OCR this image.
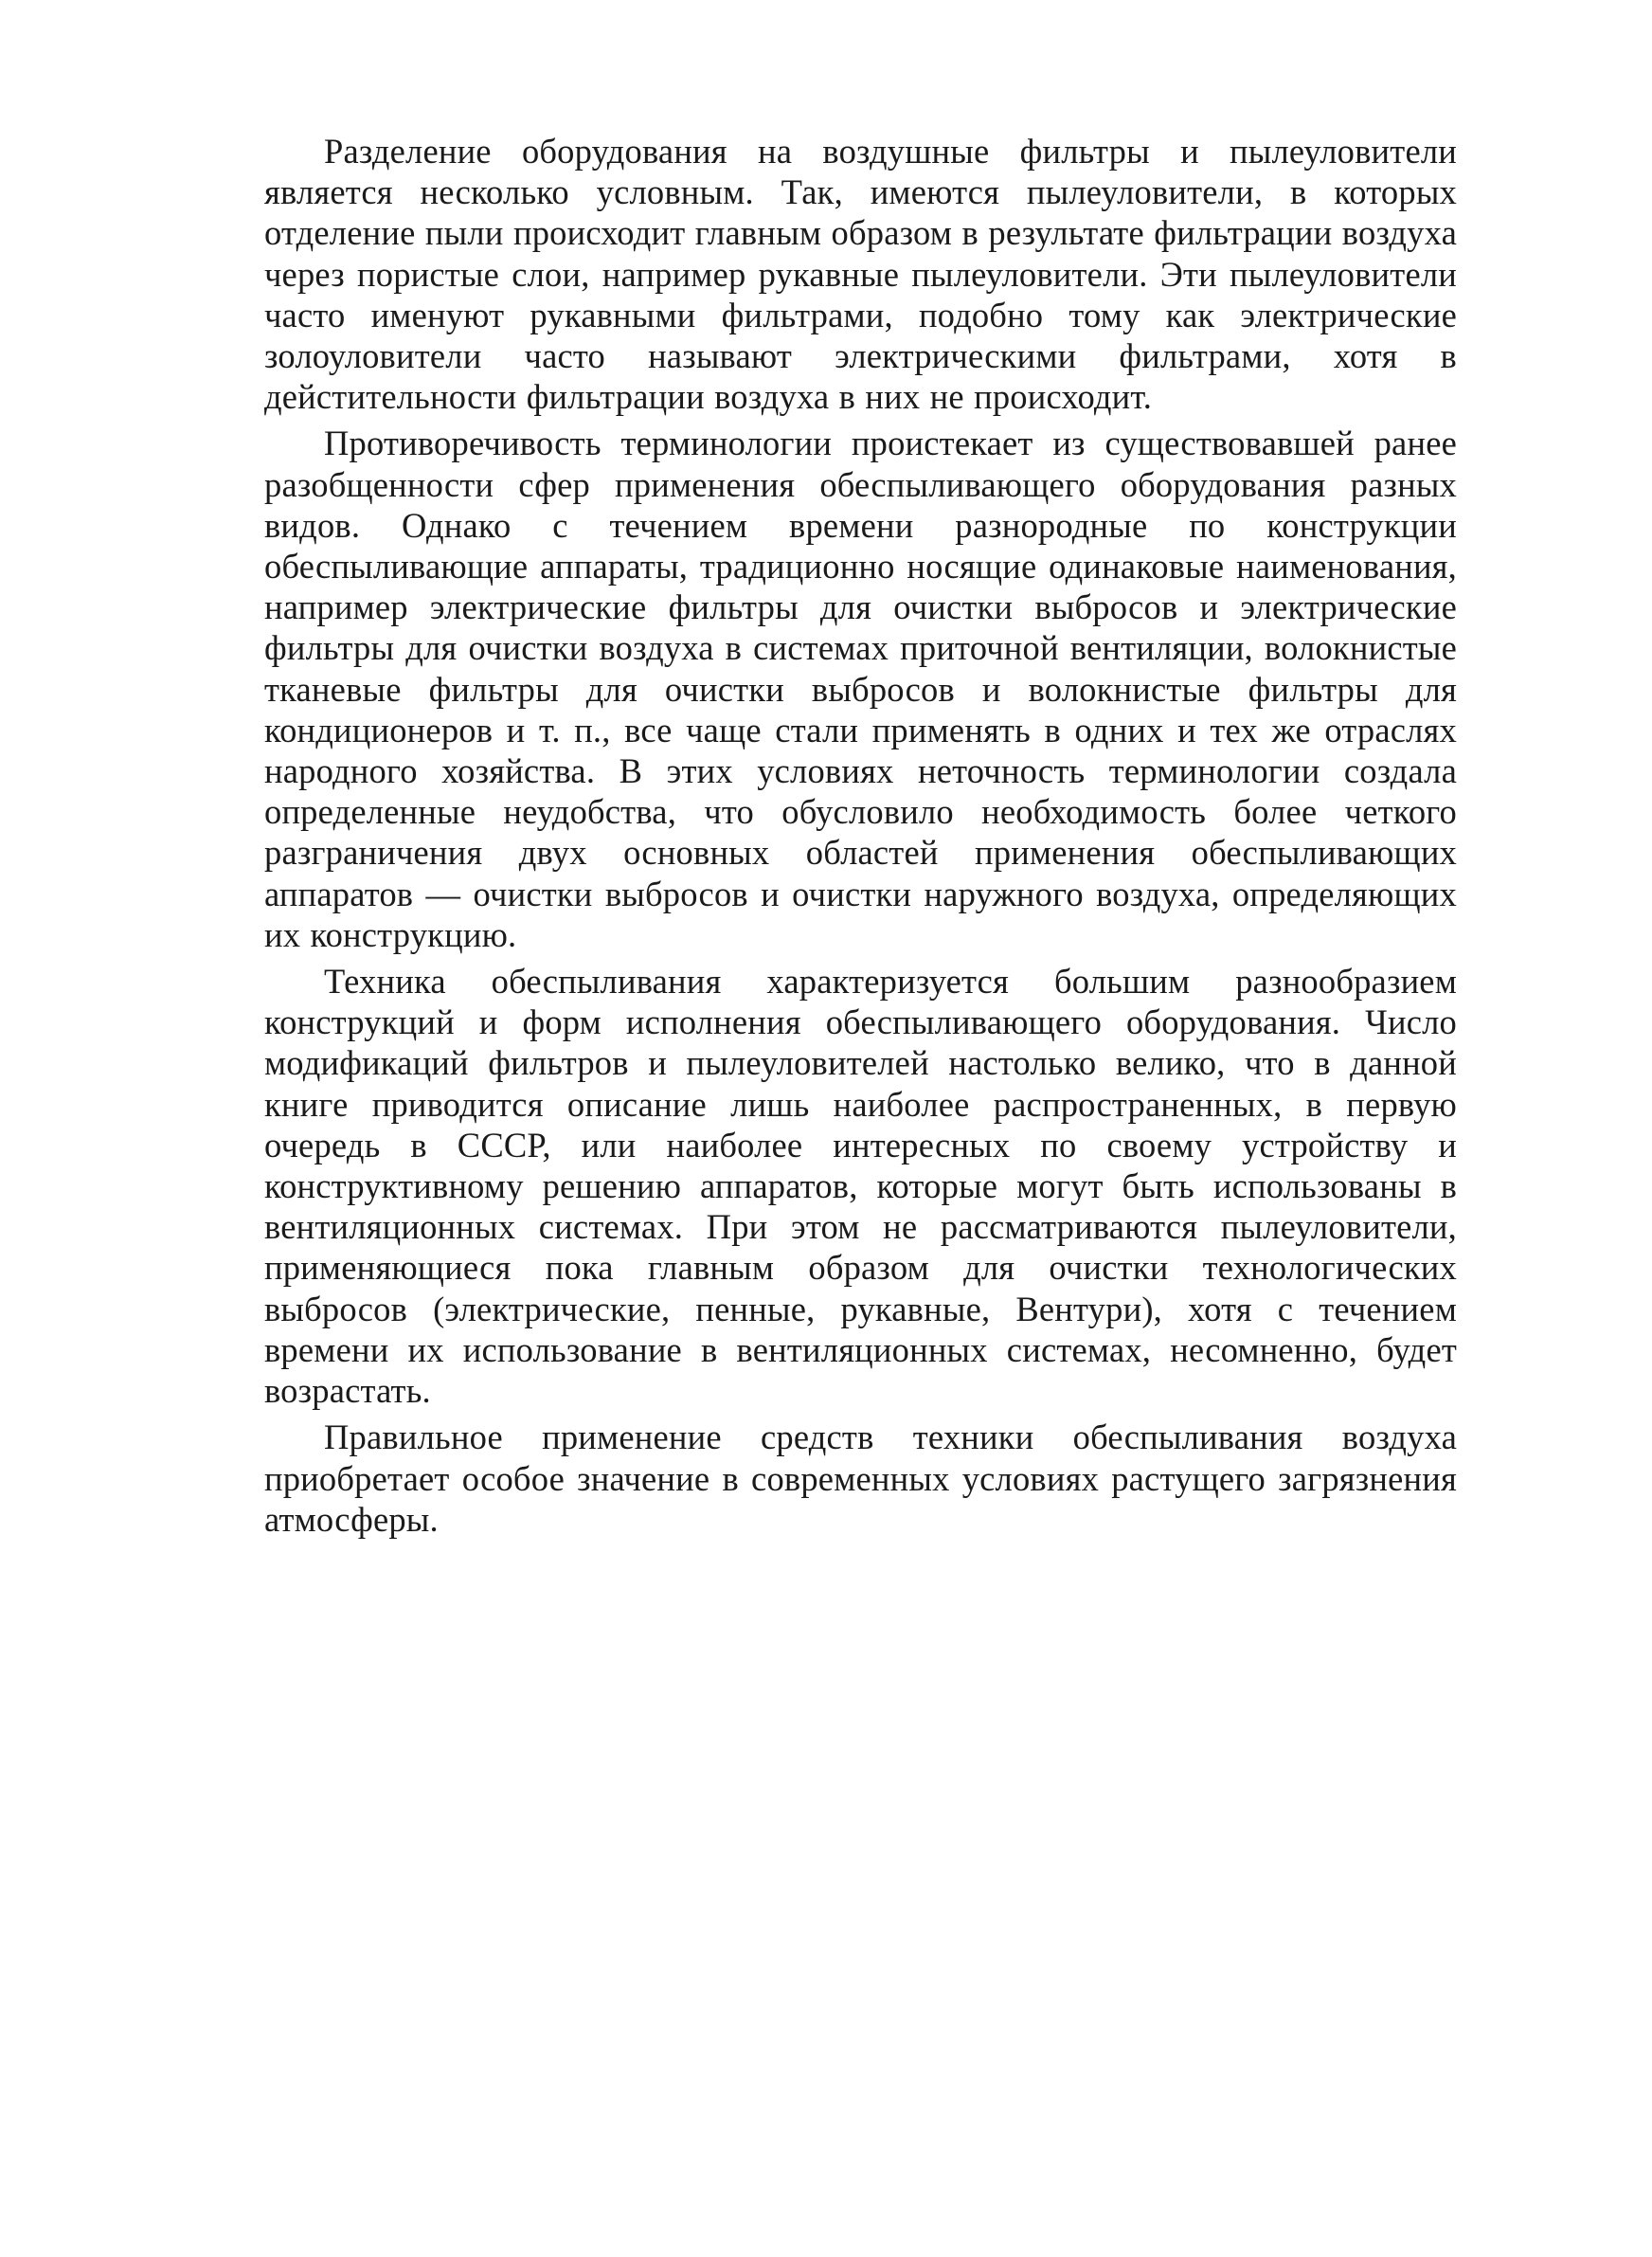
Разделение оборудования на воздушные фильтры и пылеуловители является несколько условным. Так, имеются пылеуловители, в которых отделение пыли происходит главным образом в результате фильтрации воздуха через пористые слои, например рукавные пылеуловители. Эти пылеуловители часто именуют рукавными фильтрами, подобно тому как электрические золоуловители часто называют электрическими фильтрами, хотя в дейстительности фильтрации воздуха в них не происходит.

Противоречивость терминологии проистекает из существовавшей ранее разобщенности сфер применения обеспыливающего оборудования разных видов. Однако с течением времени разнородные по конструкции обеспыливающие аппараты, традиционно носящие одинаковые наименования, например электрические фильтры для очистки выбросов и электрические фильтры для очистки воздуха в системах приточной вентиляции, волокнистые тканевые фильтры для очистки выбросов и волокнистые фильтры для кондиционеров и т. п., все чаще стали применять в одних и тех же отраслях народного хозяйства. В этих условиях неточность терминологии создала определенные неудобства, что обусловило необходимость более четкого разграничения двух основных областей применения обеспыливающих аппаратов — очистки выбросов и очистки наружного воздуха, определяющих их конструкцию.

Техника обеспыливания характеризуется большим разнообразием конструкций и форм исполнения обеспыливающего оборудования. Число модификаций фильтров и пылеуловителей настолько велико, что в данной книге приводится описание лишь наиболее распространенных, в первую очередь в СССР, или наиболее интересных по своему устройству и конструктивному решению аппаратов, которые могут быть использованы в вентиляционных системах. При этом не рассматриваются пылеуловители, применяющиеся пока главным образом для очистки технологических выбросов (электрические, пенные, рукавные, Вентури), хотя с течением времени их использование в вентиляционных системах, несомненно, будет возрастать.

Правильное применение средств техники обеспыливания воздуха приобретает особое значение в современных условиях растущего загрязнения атмосферы.
